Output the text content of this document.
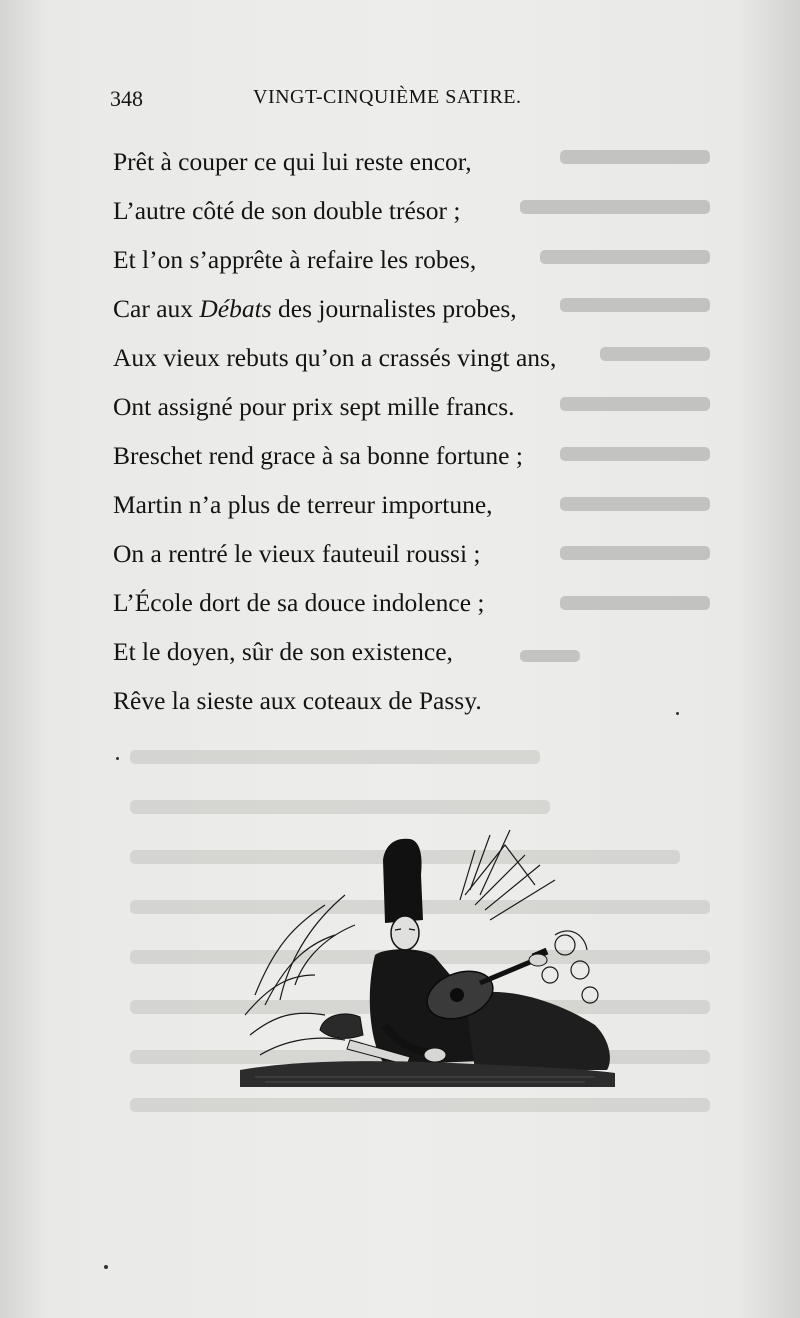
348	VINGT-CINQUIÈME SATIRE.
Prêt à couper ce qui lui reste encor,
L’autre côté de son double trésor ;
Et l’on s’apprête à refaire les robes,
Car aux Débats des journalistes probes,
Aux vieux rebuts qu’on a crassés vingt ans,
Ont assigné pour prix sept mille francs.
Breschet rend grace à sa bonne fortune ;
Martin n’a plus de terreur importune,
On a rentré le vieux fauteuil roussi ;
L’École dort de sa douce indolence ;
Et le doyen, sûr de son existence,
Rêve la sieste aux coteaux de Passy.
